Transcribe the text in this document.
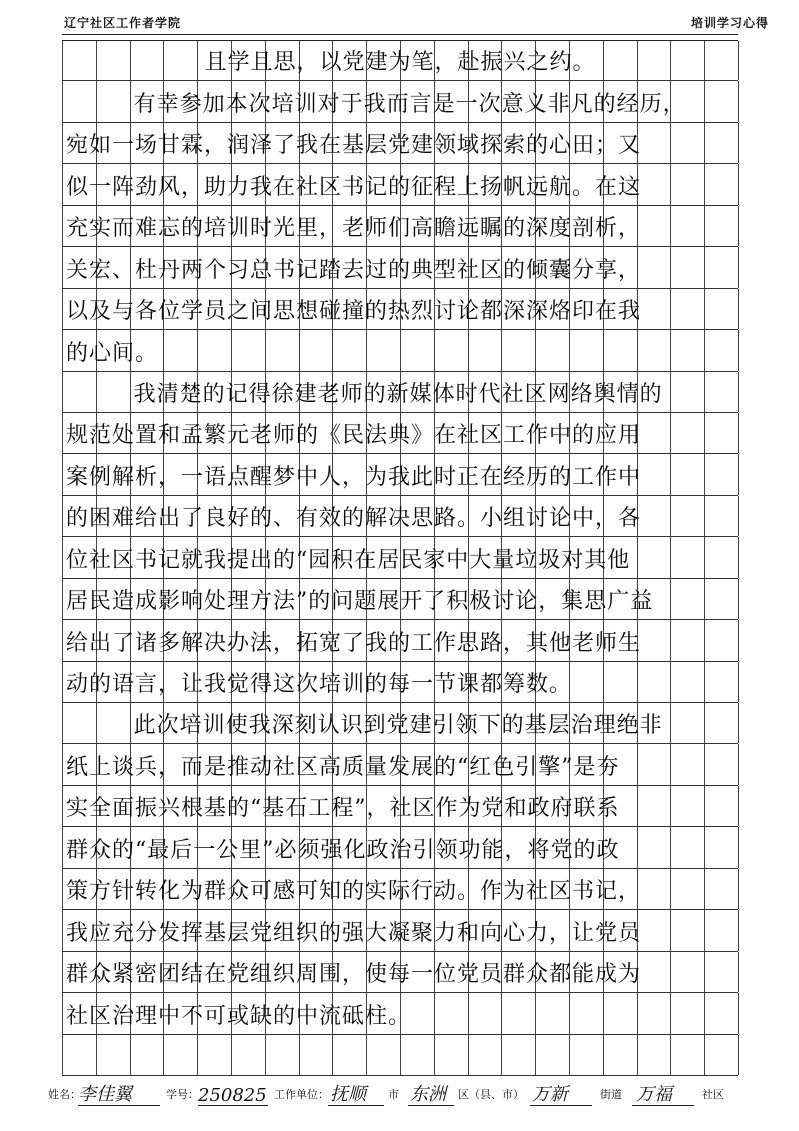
辽宁社区工作者学院	培训学习心得
且学且思，以党建为笔，赴振兴之约。
有幸参加本次培训对于我而言是一次意义非凡的经历，
宛如一场甘霖，润泽了我在基层党建领域探索的心田；又
似一阵劲风，助力我在社区书记的征程上扬帆远航。在这
充实而难忘的培训时光里，老师们高瞻远瞩的深度剖析，
关宏、杜丹两个习总书记踏去过的典型社区的倾囊分享，
以及与各位学员之间思想碰撞的热烈讨论都深深烙印在我
的心间。
我清楚的记得徐建老师的新媒体时代社区网络舆情的
规范处置和孟繁元老师的《民法典》在社区工作中的应用
案例解析，一语点醒梦中人，为我此时正在经历的工作中
的困难给出了良好的、有效的解决思路。小组讨论中，各
位社区书记就我提出的“园积在居民家中大量垃圾对其他
居民造成影响处理方法”的问题展开了积极讨论，集思广益
给出了诸多解决办法，拓宽了我的工作思路，其他老师生
动的语言，让我觉得这次培训的每一节课都筹数。
此次培训使我深刻认识到党建引领下的基层治理绝非
纸上谈兵，而是推动社区高质量发展的“红色引擎”是夯
实全面振兴根基的“基石工程”，社区作为党和政府联系
群众的“最后一公里”必须强化政治引领功能，将党的政
策方针转化为群众可感可知的实际行动。作为社区书记，
我应充分发挥基层党组织的强大凝聚力和向心力，让党员
群众紧密团结在党组织周围，使每一位党员群众都能成为
社区治理中不可或缺的中流砥柱。
姓名：
李佳翼	学号： 250825 工作单位： 抚顺 市 东洲 区（县、市） 万新	街道 万福	社区
